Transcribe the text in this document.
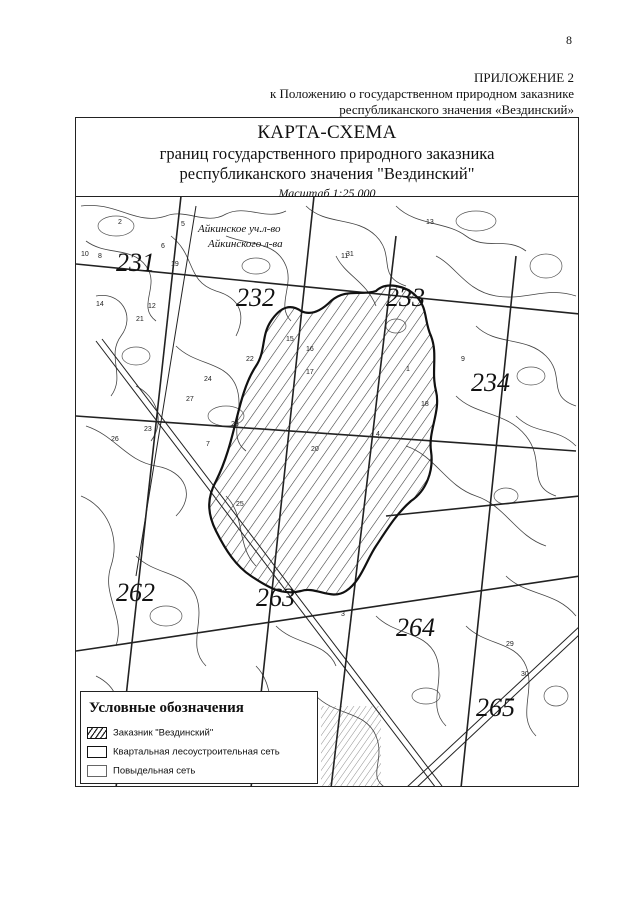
8
ПРИЛОЖЕНИЕ 2
к Положению о государственном природном заказнике
республиканского значения «Вездинский»
КАРТА-СХЕМА
границ государственного природного заказника
республиканского значения "Вездинский"
Масштаб 1:25 000
231
232	233
234
262	263
264
265
Айкинское уч.л-во
Айкинского л-ва
2	5
6
10 8	11
12
13
14
15
16
17
18
19
20
21
22
23
24
25
26
27
28
29
30
31
1
3
4
7
9
Условные обозначения
Заказник "Вездинский"
Квартальная лесоустроительная сеть
Повыдельная сеть
